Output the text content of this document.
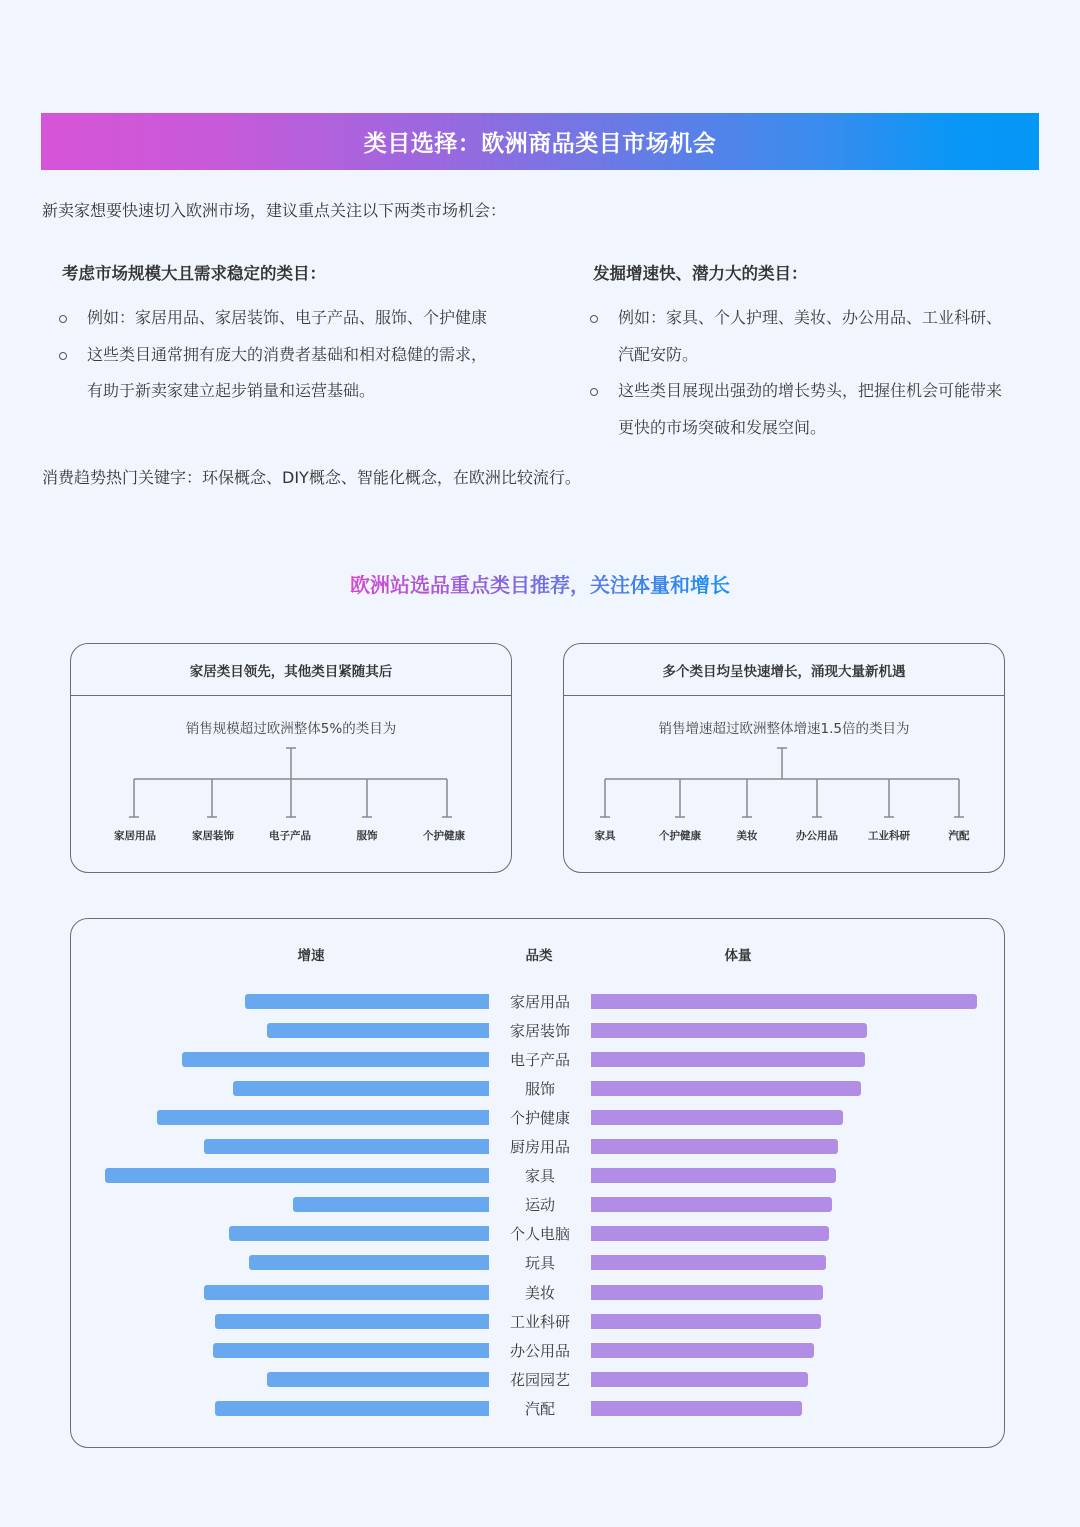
类目选择：欧洲商品类目市场机会
新卖家想要快速切入欧洲市场，建议重点关注以下两类市场机会：
考虑市场规模大且需求稳定的类目：
例如：家居用品、家居装饰、电子产品、服饰、个护健康
这些类目通常拥有庞大的消费者基础和相对稳健的需求，有助于新卖家建立起步销量和运营基础。
发掘增速快、潜力大的类目：
例如：家具、个人护理、美妆、办公用品、工业科研、汽配安防。
这些类目展现出强劲的增长势头，把握住机会可能带来更快的市场突破和发展空间。
消费趋势热门关键字：环保概念、DIY概念、智能化概念，在欧洲比较流行。
欧洲站选品重点类目推荐，关注体量和增长
家居类目领先，其他类目紧随其后
销售规模超过欧洲整体5%的类目为
家居用品	家居装饰	电子产品	服饰	个护健康
多个类目均呈快速增长，涌现大量新机遇
销售增速超过欧洲整体增速1.5倍的类目为
家具	个护健康	美妆	办公用品	工业科研	汽配
增速	品类	体量
家居用品
家居装饰
电子产品
服饰
个护健康
厨房用品
家具
运动
个人电脑
玩具
美妆
工业科研
办公用品
花园园艺
汽配
